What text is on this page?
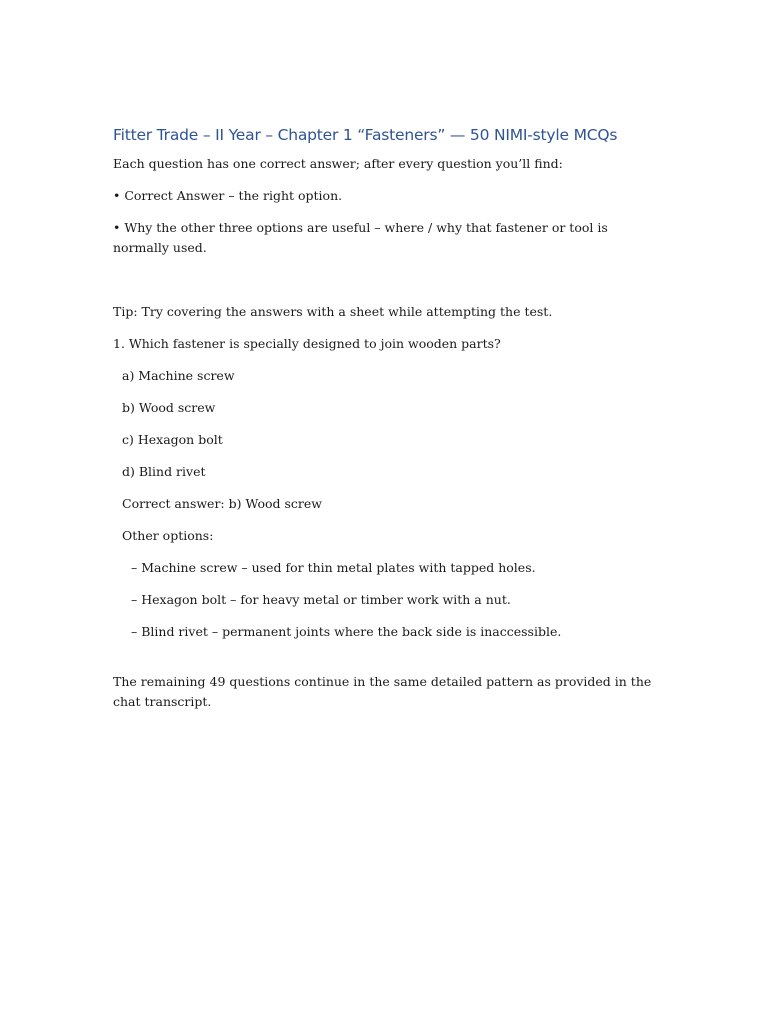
Fitter Trade – II Year – Chapter 1 “Fasteners” — 50 NIMI-style MCQs
Each question has one correct answer; after every question you’ll find:
• Correct Answer – the right option.
• Why the other three options are useful – where / why that fastener or tool is normally used.
Tip: Try covering the answers with a sheet while attempting the test.
1. Which fastener is specially designed to join wooden parts?
a) Machine screw
b) Wood screw
c) Hexagon bolt
d) Blind rivet
Correct answer: b) Wood screw
Other options:
– Machine screw – used for thin metal plates with tapped holes.
– Hexagon bolt – for heavy metal or timber work with a nut.
– Blind rivet – permanent joints where the back side is inaccessible.
The remaining 49 questions continue in the same detailed pattern as provided in the chat transcript.
